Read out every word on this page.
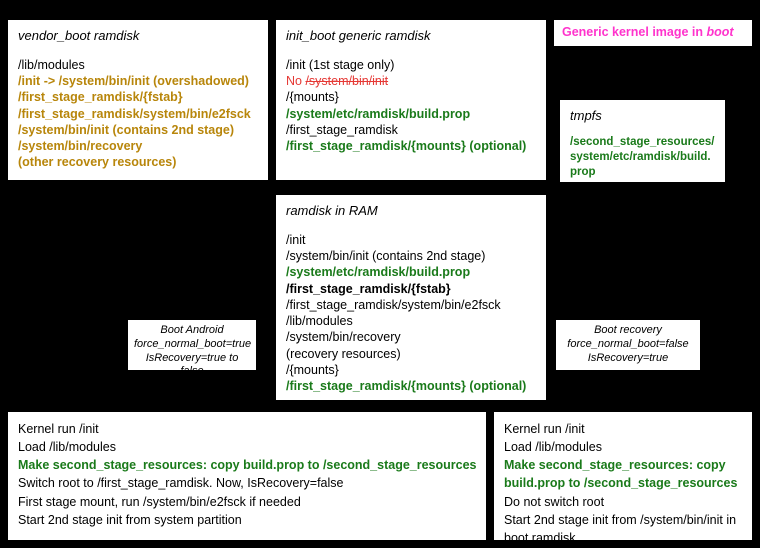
vendor_boot ramdisk
/lib/modules
/init -> /system/bin/init (overshadowed)
/first_stage_ramdisk/{fstab}
/first_stage_ramdisk/system/bin/e2fsck
/system/bin/init (contains 2nd stage)
/system/bin/recovery
(other recovery resources)
init_boot generic ramdisk
/init (1st stage only)
No /system/bin/init
/{mounts}
/system/etc/ramdisk/build.prop
/first_stage_ramdisk
/first_stage_ramdisk/{mounts} (optional)
Generic kernel image in boot
tmpfs
/second_stage_resources/system/etc/ramdisk/build.prop
ramdisk in RAM
/init
/system/bin/init (contains 2nd stage)
/system/etc/ramdisk/build.prop
/first_stage_ramdisk/{fstab}
/first_stage_ramdisk/system/bin/e2fsck
/lib/modules
/system/bin/recovery
(recovery resources)
/{mounts}
/first_stage_ramdisk/{mounts} (optional)
Boot Android
force_normal_boot=true
IsRecovery=true to false
Boot recovery
force_normal_boot=false
IsRecovery=true
Kernel run /init
Load /lib/modules
Make second_stage_resources: copy build.prop to /second_stage_resources
Switch root to /first_stage_ramdisk. Now, IsRecovery=false
First stage mount, run /system/bin/e2fsck if needed
Start 2nd stage init from system partition
Kernel run /init
Load /lib/modules
Make second_stage_resources: copy build.prop to /second_stage_resources
Do not switch root
Start 2nd stage init from /system/bin/init in boot ramdisk
